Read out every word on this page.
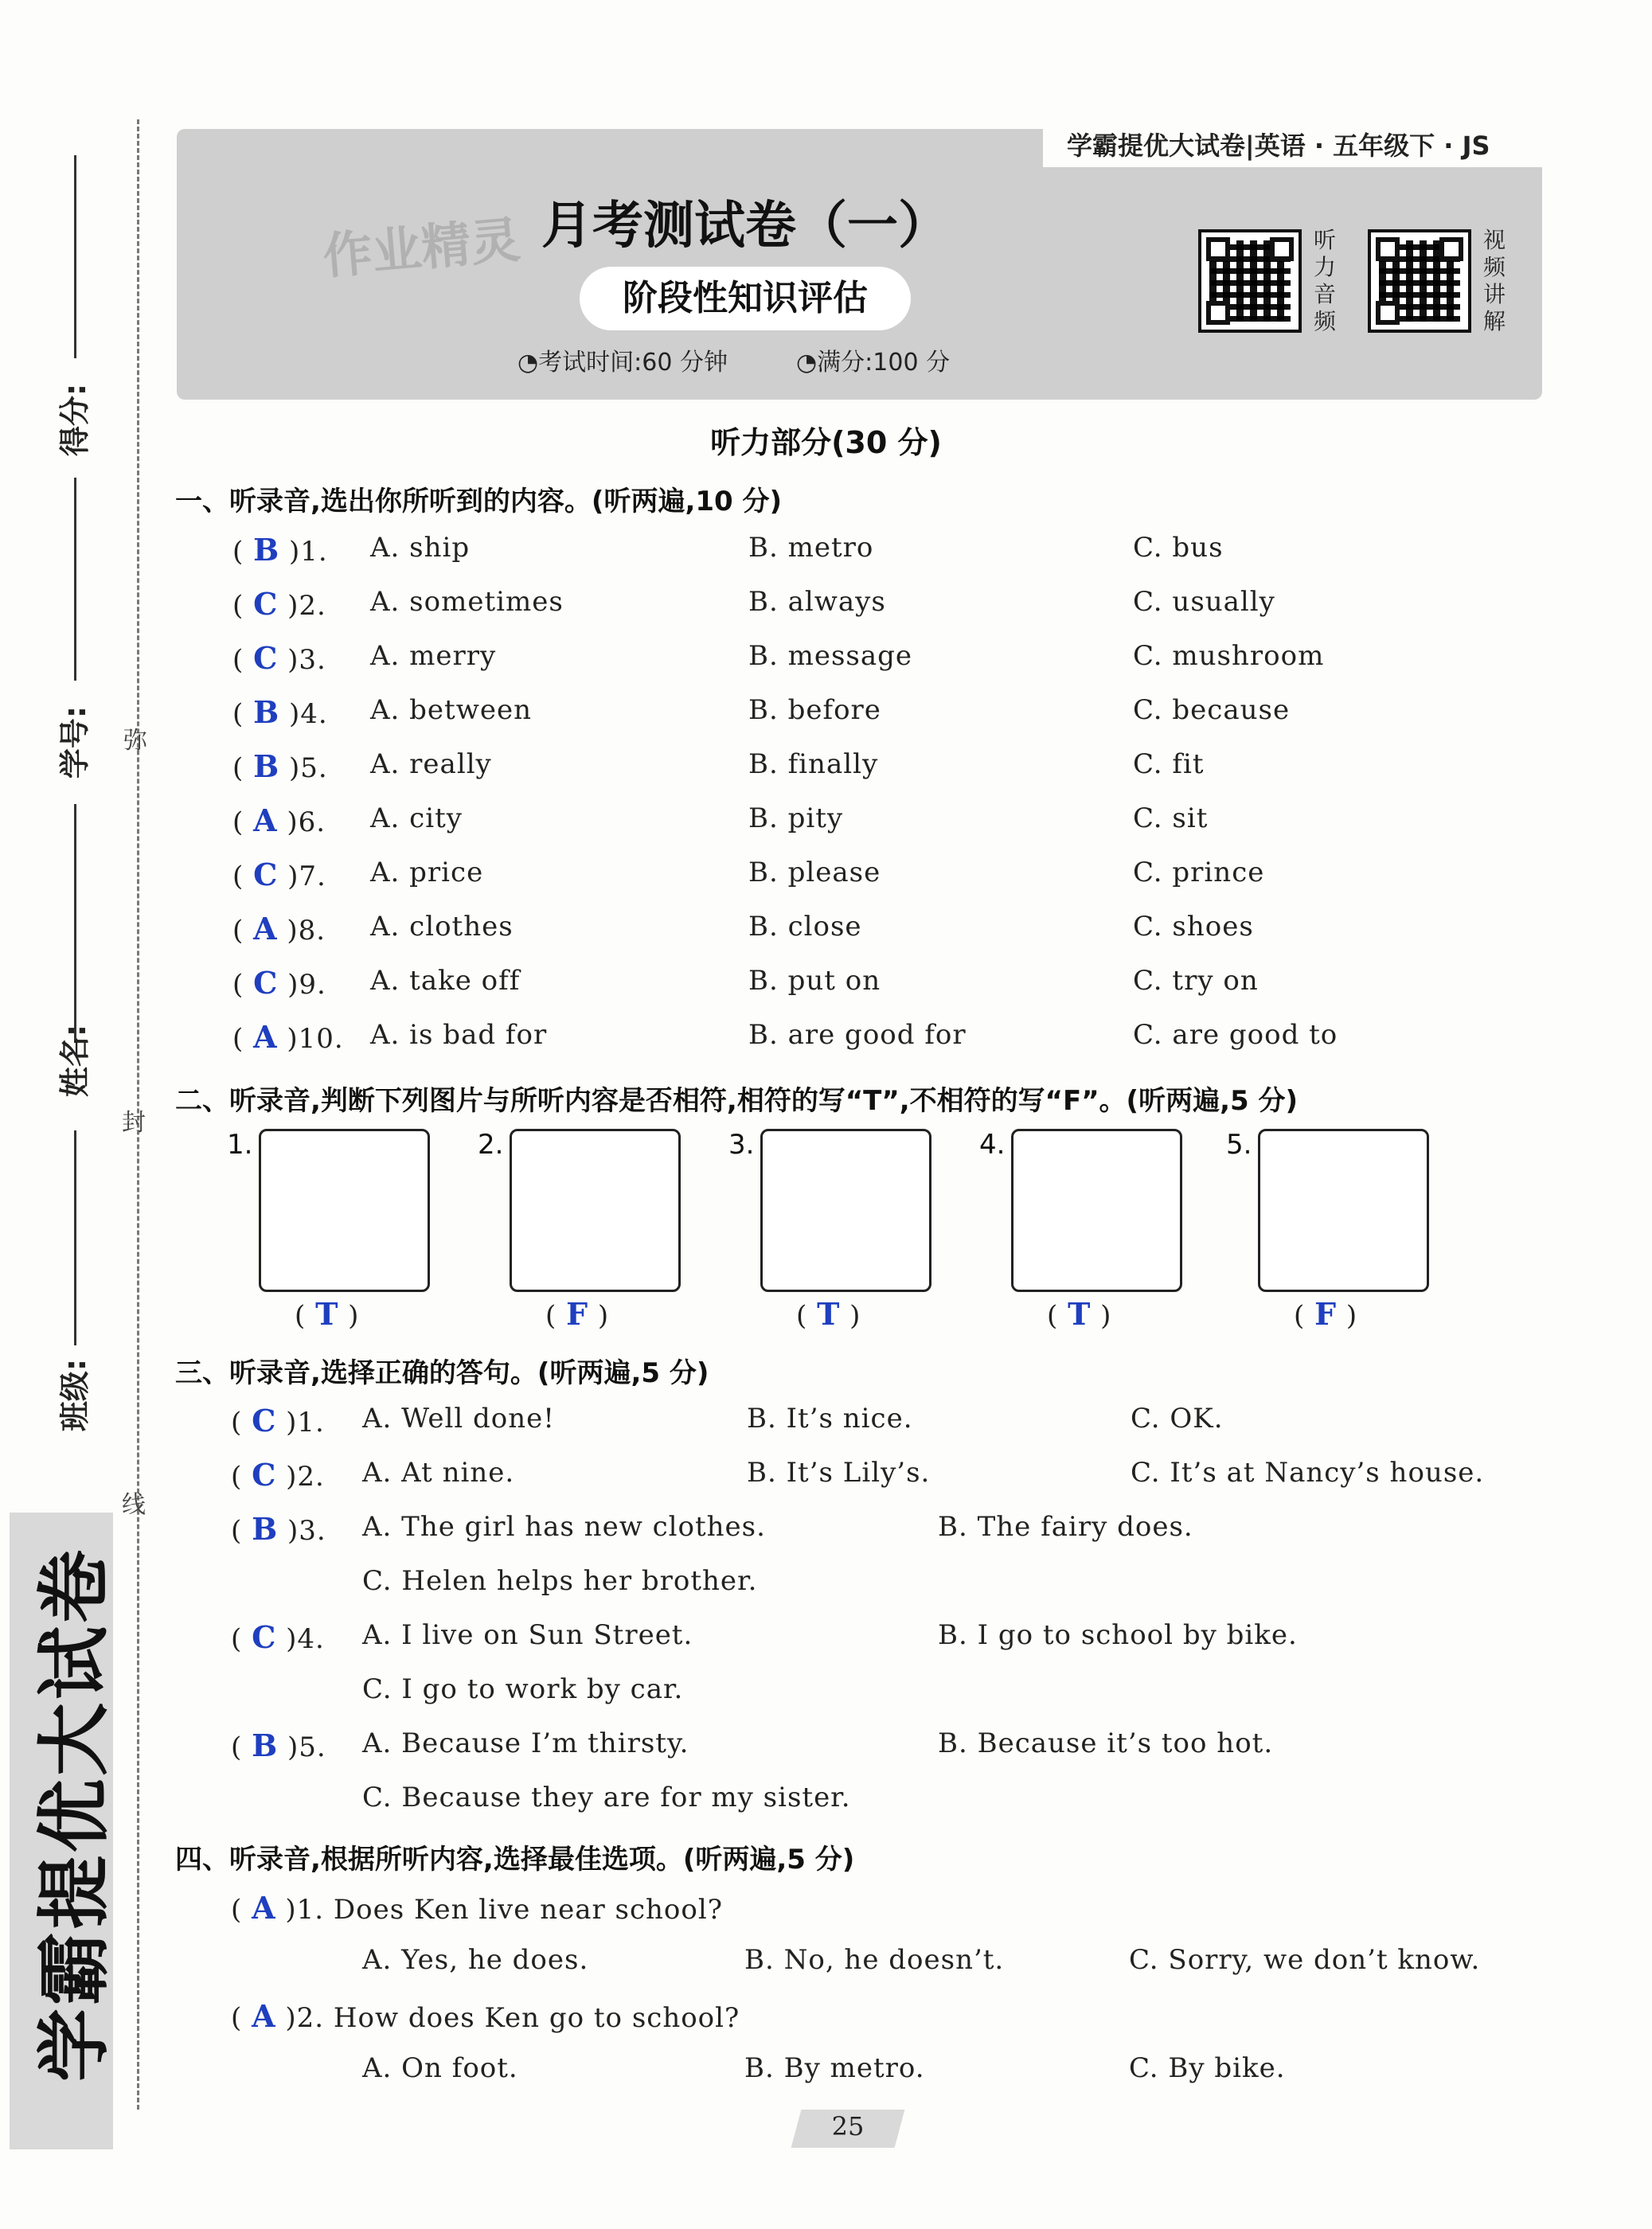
得分:
学号:
姓名:
班级:
弥
封
线
学霸提优大试卷
学霸提优大试卷|英语 · 五年级下 · JS
作业精灵 月考测试卷（一）
阶段性知识评估
◔考试时间:60 分钟	◔满分:100 分
听力音频
视频讲解
听力部分(30 分)
一、听录音,选出你所听到的内容。(听两遍,10 分)
( B )1. A. ship	B. metro	C. bus
( C )2. A. sometimes	B. always	C. usually
( C )3. A. merry	B. message	C. mushroom
( B )4. A. between	B. before	C. because
( B )5. A. really	B. finally	C. fit
( A )6. A. city	B. pity	C. sit
( C )7. A. price	B. please	C. prince
( A )8. A. clothes	B. close	C. shoes
( C )9. A. take off	B. put on	C. try on
( A )10. A. is bad for	B. are good for	C. are good to
二、听录音,判断下列图片与所听内容是否相符,相符的写“T”,不相符的写“F”。(听两遍,5 分)
1.
( T )
2.
( F )
3.
( T )
4.
( T )
5.
( F )
三、听录音,选择正确的答句。(听两遍,5 分)
( C )1. A. Well done!	B. It’s nice.	C. OK.
( C )2. A. At nine.	B. It’s Lily’s.	C. It’s at Nancy’s house.
( B )3. A. The girl has new clothes.	B. The fairy does.
C. Helen helps her brother.
( C )4. A. I live on Sun Street.	B. I go to school by bike.
C. I go to work by car.
( B )5. A. Because I’m thirsty.	B. Because it’s too hot.
C. Because they are for my sister.
四、听录音,根据所听内容,选择最佳选项。(听两遍,5 分)
( A )1. Does Ken live near school?
A. Yes, he does.	B. No, he doesn’t.	C. Sorry, we don’t know.
( A )2. How does Ken go to school?
A. On foot.	B. By metro.	C. By bike.
25
